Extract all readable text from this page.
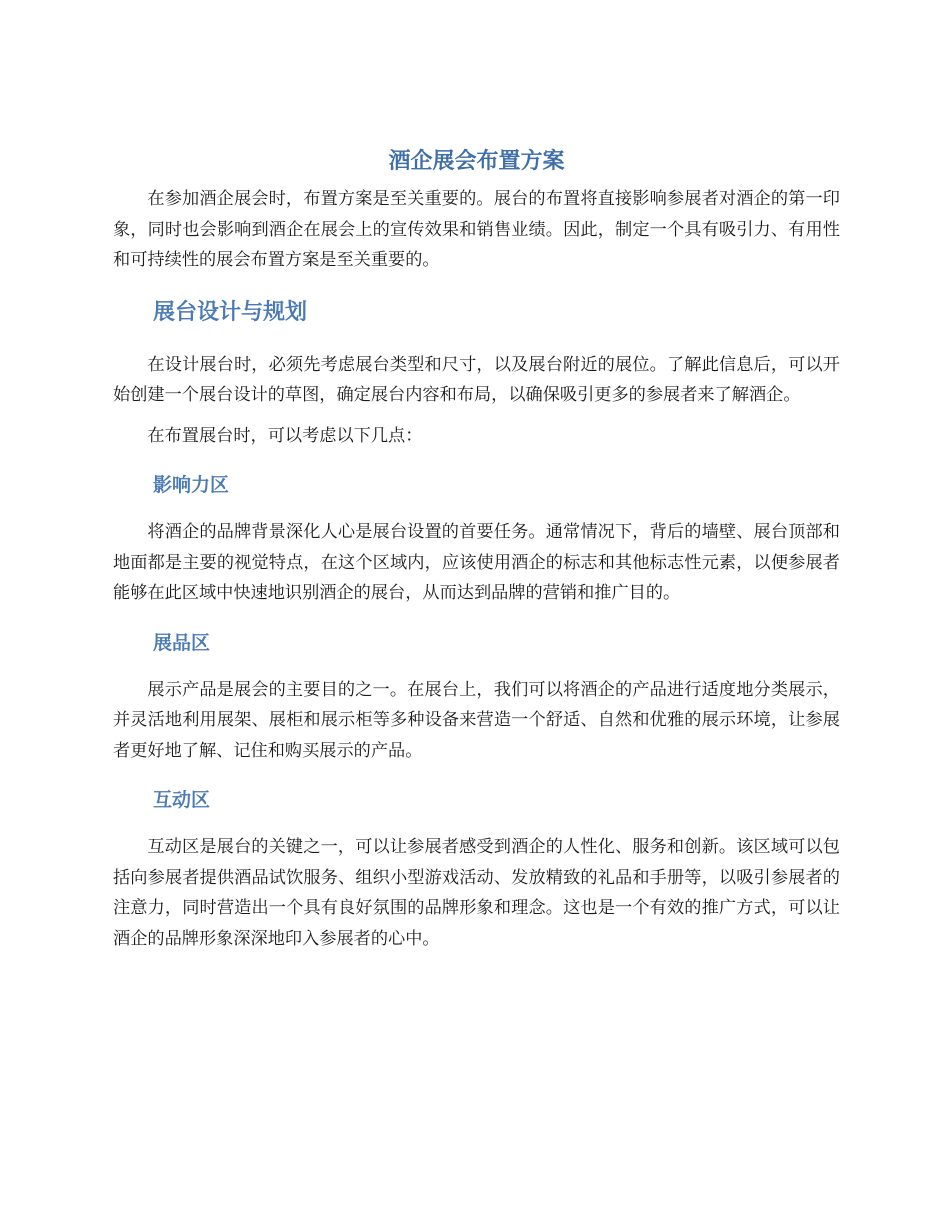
酒企展会布置方案

在参加酒企展会时，布置方案是至关重要的。展台的布置将直接影响参展者对酒企的第一印象，同时也会影响到酒企在展会上的宣传效果和销售业绩。因此，制定一个具有吸引力、有用性和可持续性的展会布置方案是至关重要的。

展台设计与规划

在设计展台时，必须先考虑展台类型和尺寸，以及展台附近的展位。了解此信息后，可以开始创建一个展台设计的草图，确定展台内容和布局，以确保吸引更多的参展者来了解酒企。

在布置展台时，可以考虑以下几点：

影响力区

将酒企的品牌背景深化人心是展台设置的首要任务。通常情况下，背后的墙壁、展台顶部和地面都是主要的视觉特点，在这个区域内，应该使用酒企的标志和其他标志性元素，以便参展者能够在此区域中快速地识别酒企的展台，从而达到品牌的营销和推广目的。

展品区

展示产品是展会的主要目的之一。在展台上，我们可以将酒企的产品进行适度地分类展示，并灵活地利用展架、展柜和展示柜等多种设备来营造一个舒适、自然和优雅的展示环境，让参展者更好地了解、记住和购买展示的产品。

互动区

互动区是展台的关键之一，可以让参展者感受到酒企的人性化、服务和创新。该区域可以包括向参展者提供酒品试饮服务、组织小型游戏活动、发放精致的礼品和手册等，以吸引参展者的注意力，同时营造出一个具有良好氛围的品牌形象和理念。这也是一个有效的推广方式，可以让酒企的品牌形象深深地印入参展者的心中。
